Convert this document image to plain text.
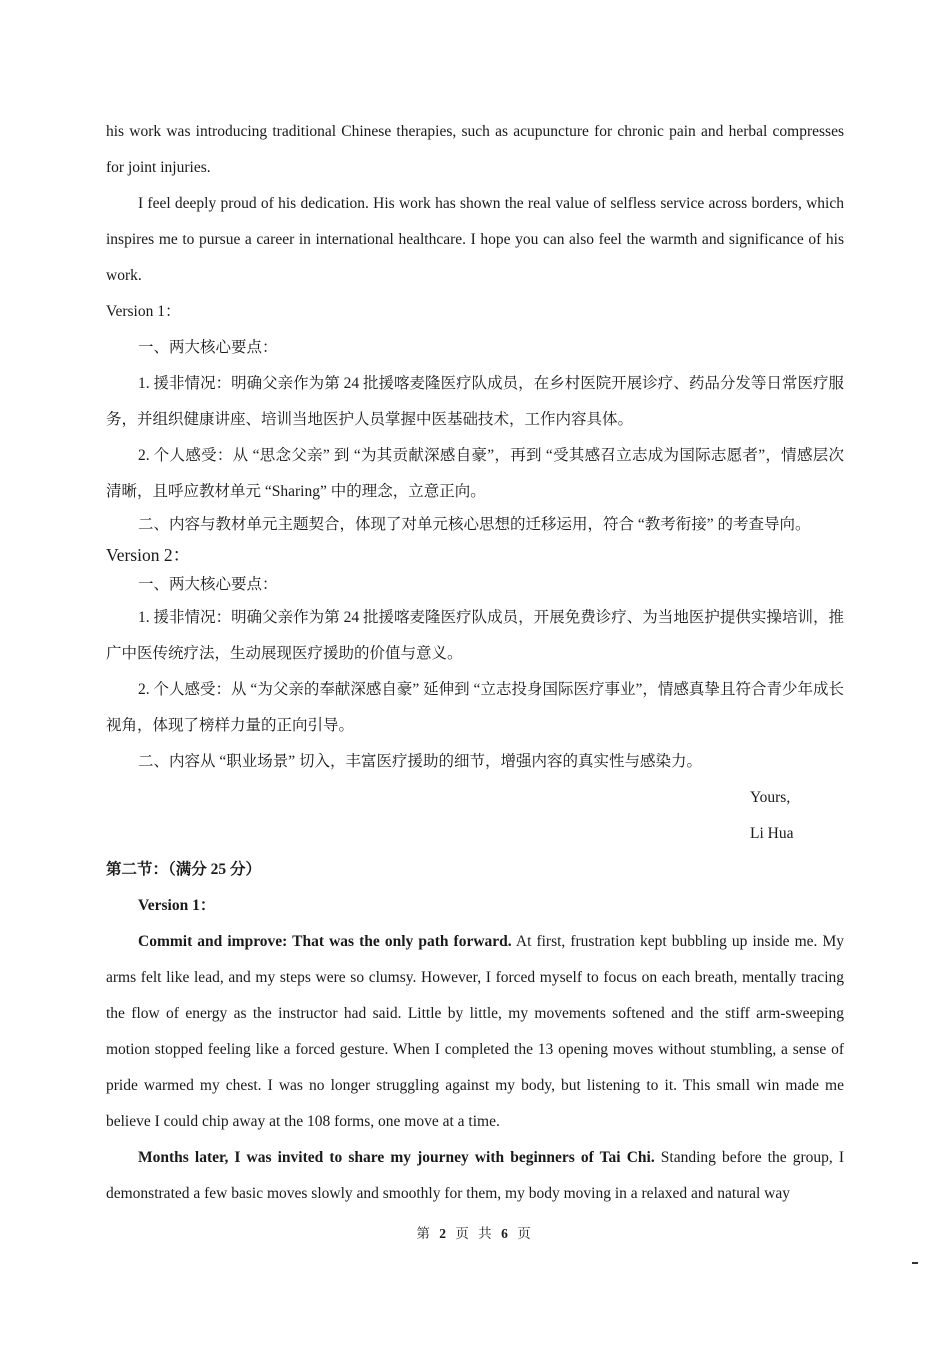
his work was introducing traditional Chinese therapies, such as acupuncture for chronic pain and herbal compresses for joint injuries.

I feel deeply proud of his dedication. His work has shown the real value of selfless service across borders, which inspires me to pursue a career in international healthcare. I hope you can also feel the warmth and significance of his work.

Version 1：

一、两大核心要点：

1. 援非情况：明确父亲作为第 24 批援喀麦隆医疗队成员，在乡村医院开展诊疗、药品分发等日常医疗服务，并组织健康讲座、培训当地医护人员掌握中医基础技术，工作内容具体。

2. 个人感受：从 “思念父亲” 到 “为其贡献深感自豪”，再到 “受其感召立志成为国际志愿者”，情感层次清晰，且呼应教材单元 “Sharing” 中的理念，立意正向。

二、内容与教材单元主题契合，体现了对单元核心思想的迁移运用，符合 “教考衔接” 的考查导向。

Version 2：

一、两大核心要点：

1. 援非情况：明确父亲作为第 24 批援喀麦隆医疗队成员，开展免费诊疗、为当地医护提供实操培训，推广中医传统疗法，生动展现医疗援助的价值与意义。

2. 个人感受：从 “为父亲的奉献深感自豪” 延伸到 “立志投身国际医疗事业”，情感真挚且符合青少年成长视角，体现了榜样力量的正向引导。

二、内容从 “职业场景” 切入，丰富医疗援助的细节，增强内容的真实性与感染力。

Yours,

Li Hua

第二节：（满分 25 分）

Version 1：

Commit and improve: That was the only path forward. At first, frustration kept bubbling up inside me. My arms felt like lead, and my steps were so clumsy. However, I forced myself to focus on each breath, mentally tracing the flow of energy as the instructor had said. Little by little, my movements softened and the stiff arm-sweeping motion stopped feeling like a forced gesture. When I completed the 13 opening moves without stumbling, a sense of pride warmed my chest. I was no longer struggling against my body, but listening to it. This small win made me believe I could chip away at the 108 forms, one move at a time.

Months later, I was invited to share my journey with beginners of Tai Chi. Standing before the group, I demonstrated a few basic moves slowly and smoothly for them, my body moving in a relaxed and natural way

第 2 页 共 6 页
